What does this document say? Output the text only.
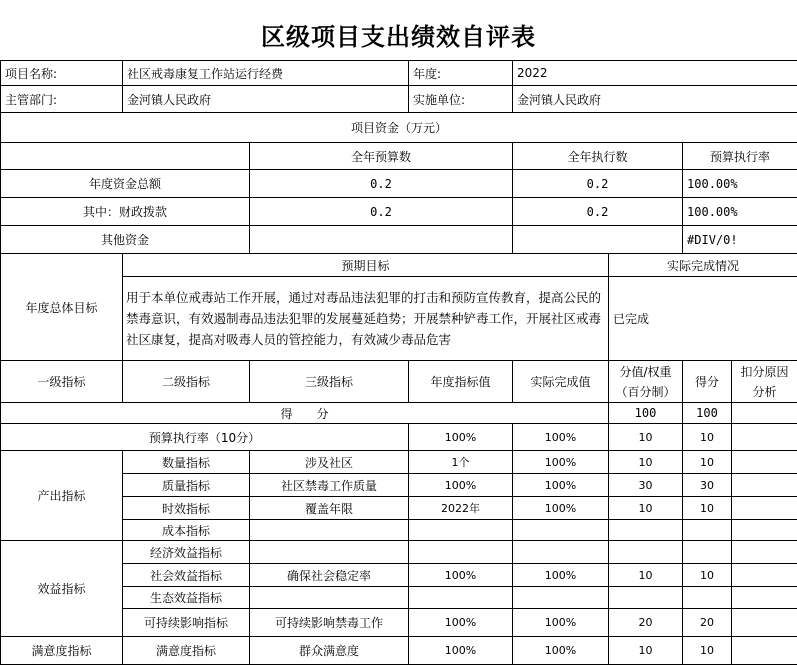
区级项目支出绩效自评表
项目名称:	社区戒毒康复工作站运行经费		年度:	2022			
主管部门:	金河镇人民政府		实施单位:	金河镇人民政府			
项目资金（万元）							
		全年预算数		全年执行数		预算执行率	
年度资金总额		0.2		0.2		100.00%	
其中：财政拨款		0.2		0.2		100.00%	
其他资金						#DIV/0!	
年度总体目标	预期目标				实际完成情况		
	用于本单位戒毒站工作开展，通过对毒品违法犯罪的打击和预防宣传教育，提高公民的禁毒意识，有效遏制毒品违法犯罪的发展蔓延趋势；开展禁种铲毒工作，开展社区戒毒社区康复，提高对吸毒人员的管控能力，有效减少毒品危害				已完成		
一级指标	二级指标	三级指标	年度指标值	实际完成值	分值/权重（百分制）	得分	扣分原因分析
得　　分					100	100	
预算执行率（10分）			100%	100%	10	10	
产出指标	数量指标	涉及社区	1个	100%	10	10	
	质量指标	社区禁毒工作质量	100%	100%	30	30	
	时效指标	覆盖年限	2022年	100%	10	10	
	成本指标						
效益指标	经济效益指标						
	社会效益指标	确保社会稳定率	100%	100%	10	10	
	生态效益指标						
	可持续影响指标	可持续影响禁毒工作	100%	100%	20	20	
满意度指标	满意度指标	群众满意度	100%	100%	10	10	
